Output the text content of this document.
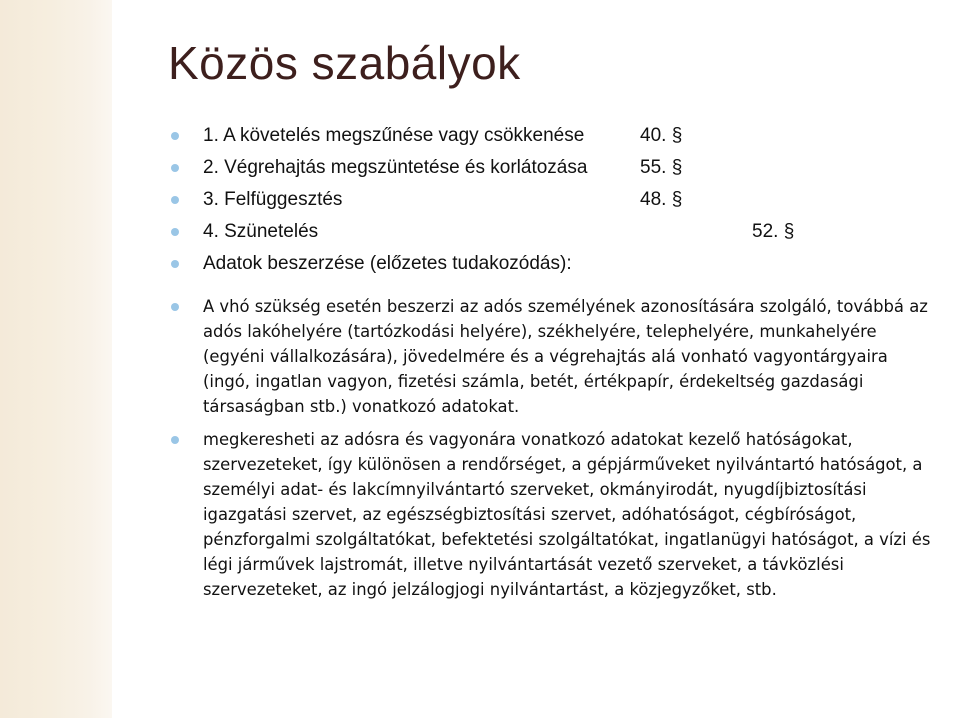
Közös szabályok
1. A követelés megszűnése vagy csökkenése	40. §
2. Végrehajtás megszüntetése és korlátozása	55. §
3. Felfüggesztés	48. §
4. Szünetelés	52. §
Adatok beszerzése (előzetes tudakozódás):
A vhó szükség esetén beszerzi az adós személyének azonosítására szolgáló, továbbá az adós lakóhelyére (tartózkodási helyére), székhelyére, telephelyére, munkahelyére (egyéni vállalkozására), jövedelmére és a végrehajtás alá vonható vagyontárgyaira (ingó, ingatlan vagyon, fizetési számla, betét, értékpapír, érdekeltség gazdasági társaságban stb.) vonatkozó adatokat.
megkeresheti az adósra és vagyonára vonatkozó adatokat kezelő hatóságokat, szervezeteket, így különösen a rendőrséget, a gépjárműveket nyilvántartó hatóságot, a személyi adat- és lakcímnyilvántartó szerveket, okmányirodát, nyugdíjbiztosítási igazgatási szervet, az egészségbiztosítási szervet, adóhatóságot, cégbíróságot, pénzforgalmi szolgáltatókat, befektetési szolgáltatókat, ingatlanügyi hatóságot, a vízi és légi járművek lajstromát, illetve nyilvántartását vezető szerveket, a távközlési szervezeteket, az ingó jelzálogjogi nyilvántartást, a közjegyzőket, stb.
